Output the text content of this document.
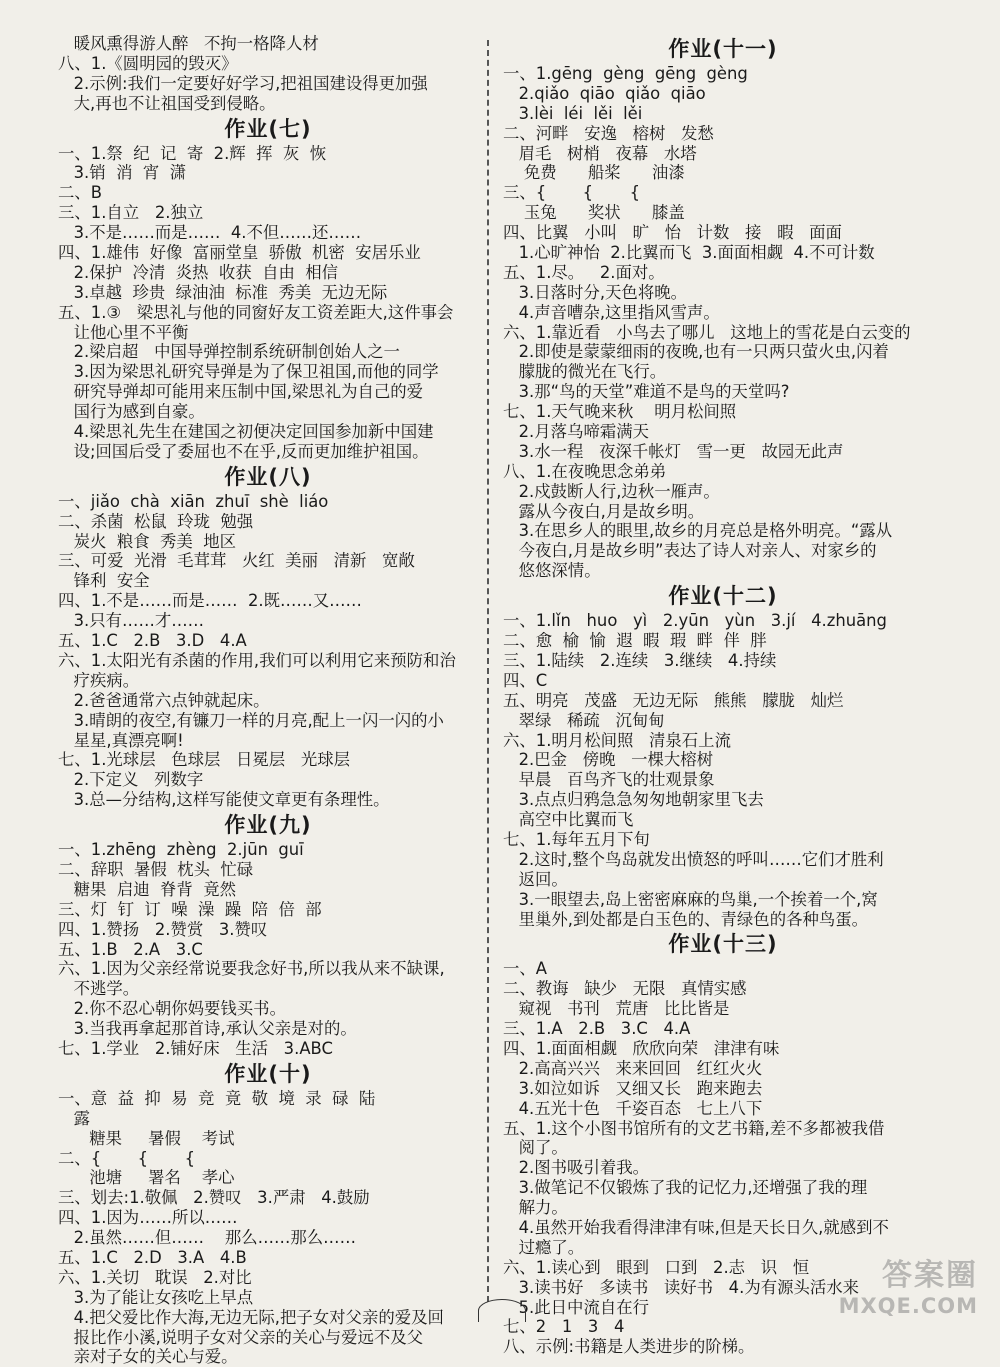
暖风熏得游人醉   不拘一格降人材
八、1.《圆明园的毁灭》
2.示例:我们一定要好好学习,把祖国建设得更加强
大,再也不让祖国受到侵略。
作业(七)
一、1.祭  纪  记  寄  2.辉  挥  灰  恢
3.销  消  宵  潇
二、B
三、1.自立   2.独立
3.不是……而是……  4.不但……还……
四、1.雄伟  好像  富丽堂皇  骄傲  机密  安居乐业
2.保护  冷清  炎热  收获  自由  相信
3.卓越  珍贵  绿油油  标准  秀美  无边无际
五、1.③   梁思礼与他的同窗好友工资差距大,这件事会
让他心里不平衡
2.梁启超   中国导弹控制系统研制创始人之一
3.因为梁思礼研究导弹是为了保卫祖国,而他的同学
研究导弹却可能用来压制中国,梁思礼为自己的爱
国行为感到自豪。
4.梁思礼先生在建国之初便决定回国参加新中国建
设;回国后受了委屈也不在乎,反而更加维护祖国。
作业(八)
一、jiǎo  chà  xiān  zhuī  shè  liáo
二、杀菌  松鼠  玲珑  勉强
炭火  粮食  秀美  地区
三、可爱  光滑  毛茸茸   火红  美丽   清新   宽敞
锋利  安全
四、1.不是……而是……  2.既……又……
3.只有……才……
五、1.C   2.B   3.D   4.A
六、1.太阳光有杀菌的作用,我们可以利用它来预防和治
疗疾病。
2.爸爸通常六点钟就起床。
3.晴朗的夜空,有镰刀一样的月亮,配上一闪一闪的小
星星,真漂亮啊!
七、1.光球层   色球层   日冕层   光球层
2.下定义   列数字
3.总—分结构,这样写能使文章更有条理性。
作业(九)
一、1.zhēng  zhèng  2.jūn  guī
二、辞职  暑假  枕头  忙碌
糖果  启迪  脊背  竟然
三、灯  钉  订  噪  澡  躁  陪  倍  部
四、1.赞扬   2.赞赏   3.赞叹
五、1.B   2.A   3.C
六、1.因为父亲经常说要我念好书,所以我从来不缺课,
不逃学。
2.你不忍心朝你妈要钱买书。
3.当我再拿起那首诗,承认父亲是对的。
七、1.学业   2.铺好床   生活   3.ABC
作业(十)
一、意  益  抑  易  竞  竟  敬  境  录  碌  陆
露
糖果     暑假    考试
二、{       {       {
池塘     署名    孝心
三、划去:1.敬佩   2.赞叹   3.严肃   4.鼓励
四、1.因为……所以……
2.虽然……但……    那么……那么……
五、1.C   2.D   3.A   4.B
六、1.关切   耽误   2.对比
3.为了能让女孩吃上早点
4.把父爱比作大海,无边无际,把子女对父亲的爱及回
报比作小溪,说明子女对父亲的关心与爱远不及父
亲对子女的关心与爱。
作业(十一)
一、1.gēng  gèng  gēng  gèng
2.qiǎo  qiāo  qiǎo  qiāo
3.lèi  léi  lěi  lěi
二、河畔   安逸   榕树   发愁
眉毛   树梢   夜幕   水塔
免费      船桨      油漆
三、{       {       {
玉兔      奖状      膝盖
四、比翼   小叫   旷   怡   计数   接   暇   面面
1.心旷神怡  2.比翼而飞  3.面面相觑  4.不可计数
五、1.尽。   2.面对。
3.日落时分,天色将晚。
4.声音嘈杂,这里指风雪声。
六、1.靠近看   小鸟去了哪儿   这地上的雪花是白云变的
2.即使是蒙蒙细雨的夜晚,也有一只两只萤火虫,闪着
朦胧的微光在飞行。
3.那“鸟的天堂”难道不是鸟的天堂吗?
七、1.天气晚来秋    明月松间照
2.月落乌啼霜满天
3.水一程   夜深千帐灯   雪一更   故园无此声
八、1.在夜晚思念弟弟
2.戍鼓断人行,边秋一雁声。
露从今夜白,月是故乡明。
3.在思乡人的眼里,故乡的月亮总是格外明亮。“露从
今夜白,月是故乡明”表达了诗人对亲人、对家乡的
悠悠深情。
作业(十二)
一、1.lǐn   huo   yì   2.yūn   yùn   3.jí   4.zhuāng
二、愈  榆  愉  遐  暇  瑕  畔  伴  胖
三、1.陆续   2.连续   3.继续   4.持续
四、C
五、明亮   茂盛   无边无际   熊熊   朦胧   灿烂
翠绿   稀疏   沉甸甸
六、1.明月松间照   清泉石上流
2.巴金   傍晚   一棵大榕树
早晨   百鸟齐飞的壮观景象
3.点点归鸦急急匆匆地朝家里飞去
高空中比翼而飞
七、1.每年五月下旬
2.这时,整个鸟岛就发出愤怒的呼叫……它们才胜利
返回。
3.一眼望去,岛上密密麻麻的鸟巢,一个挨着一个,窝
里巢外,到处都是白玉色的、青绿色的各种鸟蛋。
作业(十三)
一、A
二、教诲   缺少   无限   真情实感
窥视   书刊   荒唐   比比皆是
三、1.A   2.B   3.C   4.A
四、1.面面相觑   欣欣向荣   津津有味
2.高高兴兴   来来回回   红红火火
3.如泣如诉   又细又长   跑来跑去
4.五光十色   千姿百态   七上八下
五、1.这个小图书馆所有的文艺书籍,差不多都被我借
阅了。
2.图书吸引着我。
3.做笔记不仅锻炼了我的记忆力,还增强了我的理
解力。
4.虽然开始我看得津津有味,但是天长日久,就感到不
过瘾了。
六、1.读心到   眼到   口到   2.志   识   恒
3.读书好   多读书   读好书   4.为有源头活水来
5.此日中流自在行
七、2   1   3   4
八、示例:书籍是人类进步的阶梯。
答案圈
MXQE.COM
